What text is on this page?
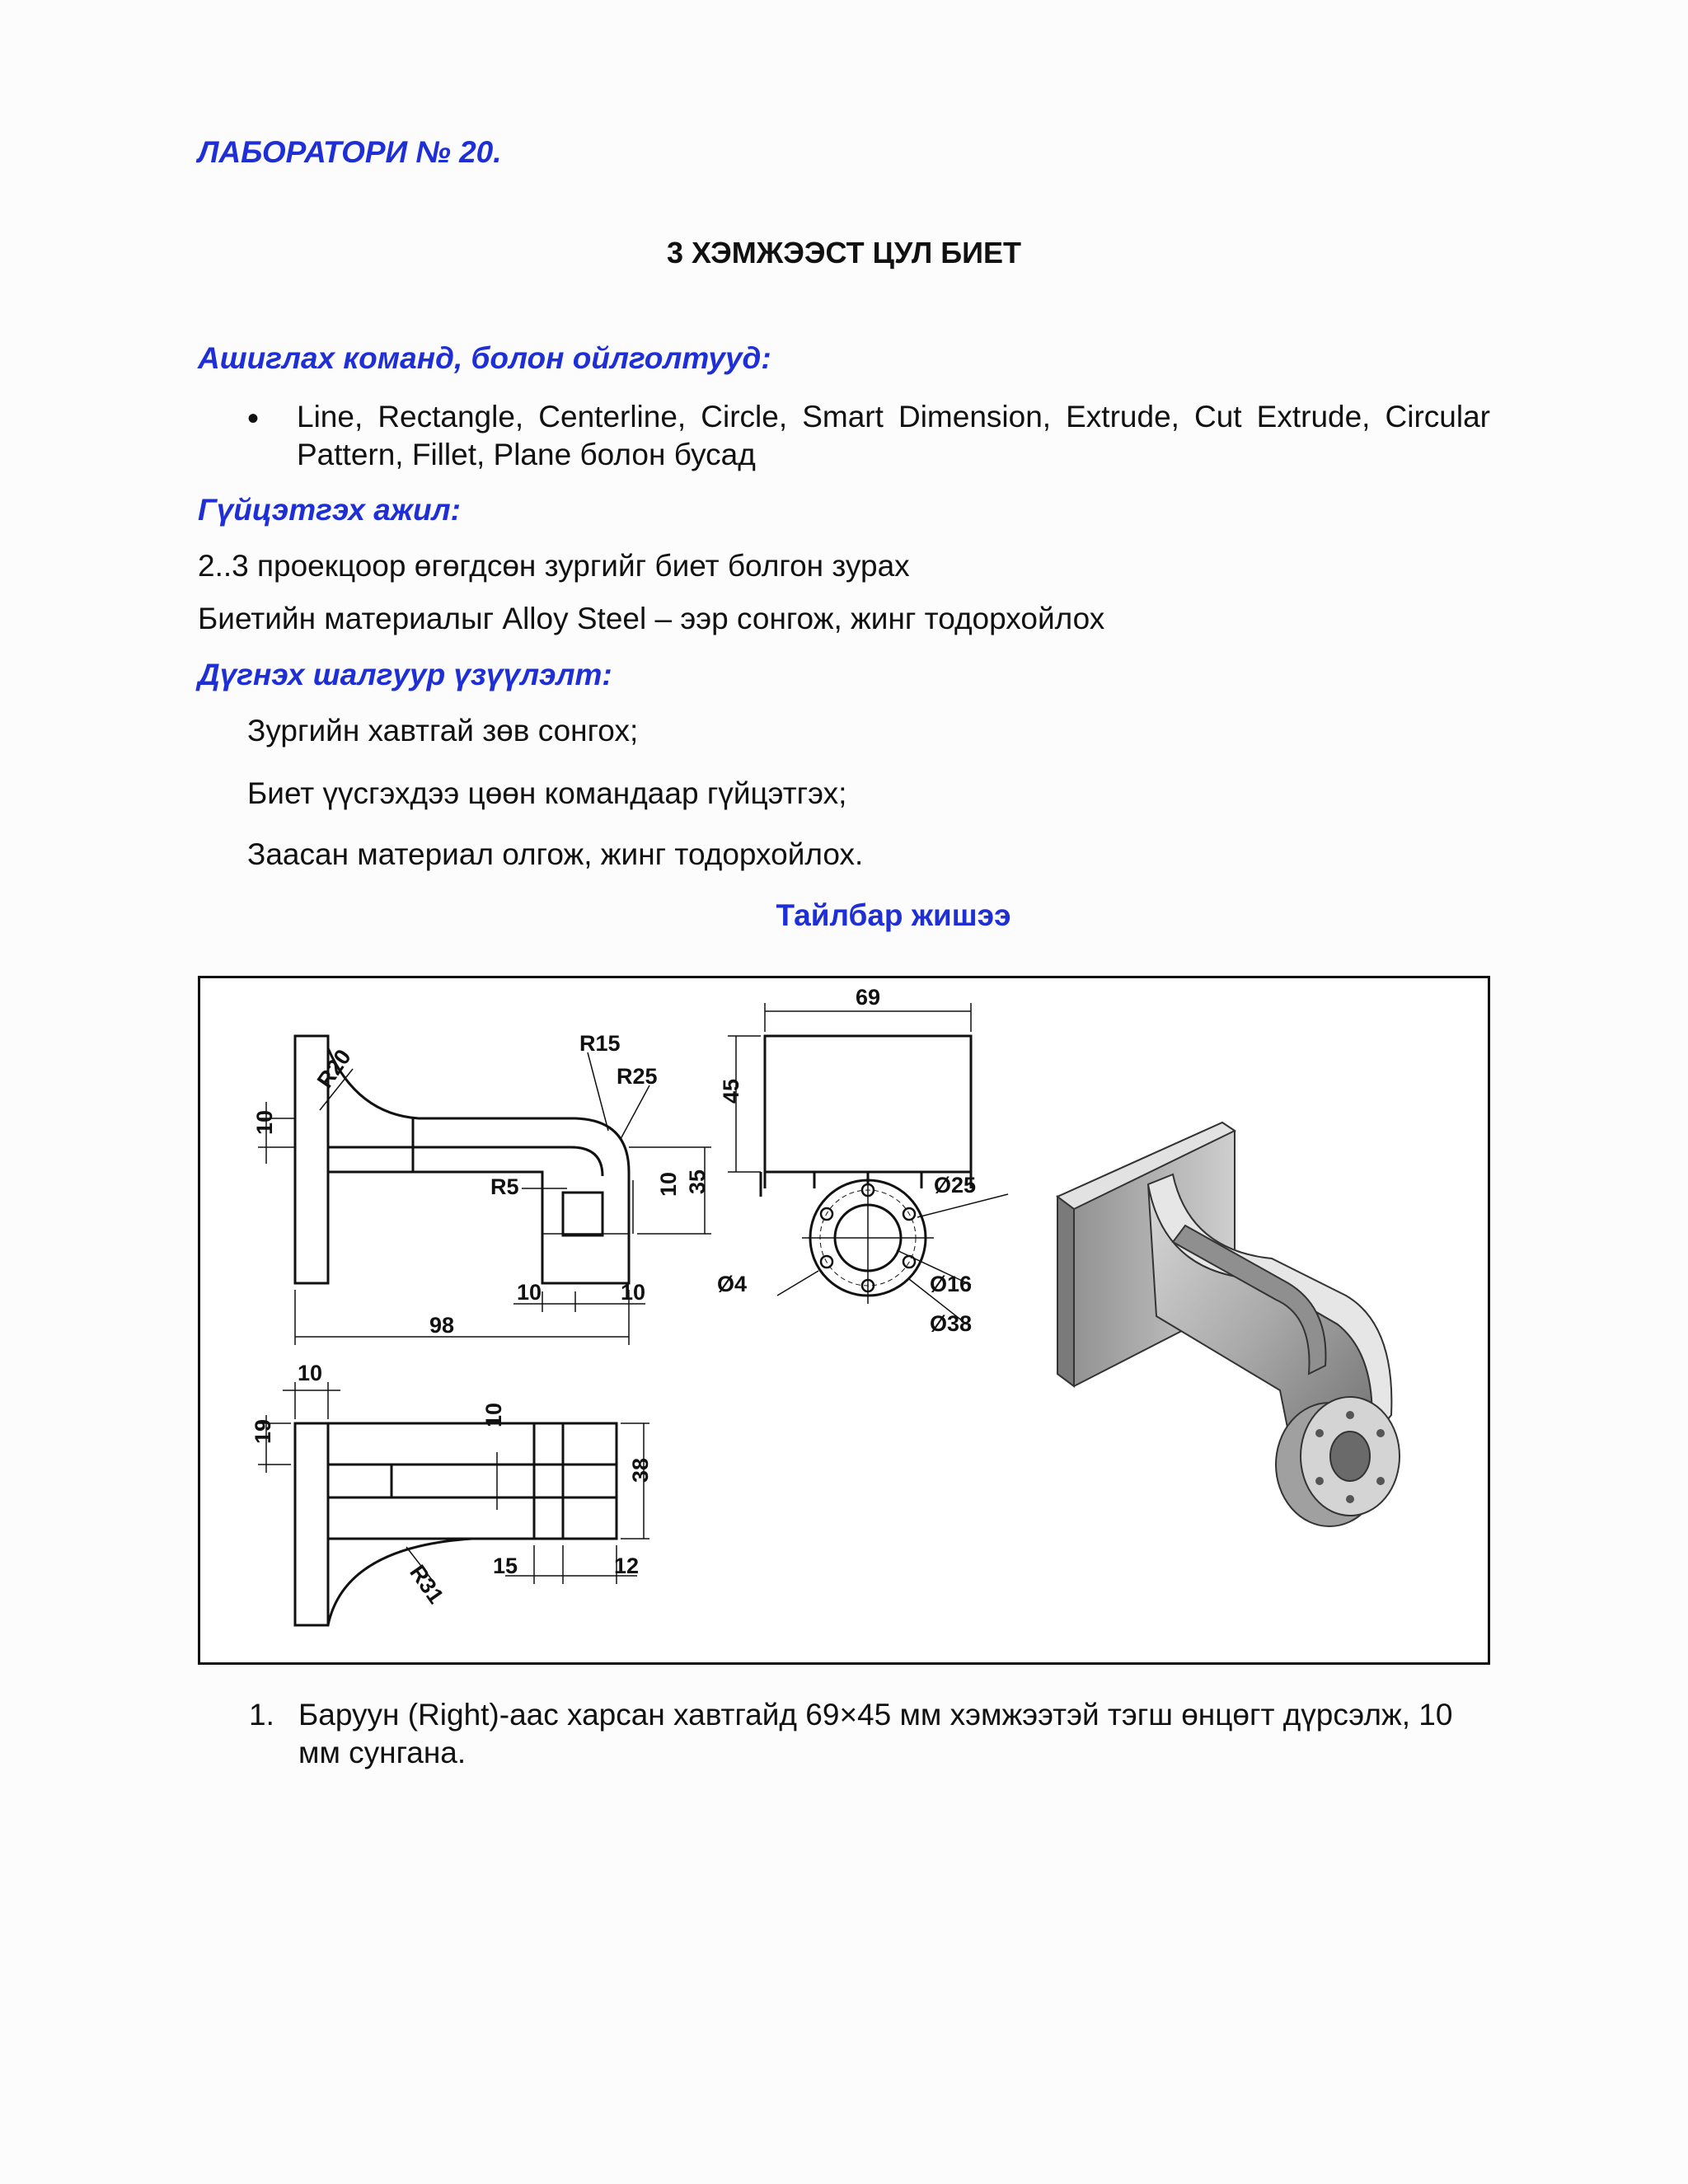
ЛАБОРАТОРИ № 20.
3 ХЭМЖЭЭСТ ЦУЛ БИЕТ
Ашиглах команд, болон ойлголтууд:
• Line, Rectangle, Centerline, Circle, Smart Dimension, Extrude, Cut Extrude, Circular Pattern, Fillet, Plane болон бусад
Гүйцэтгэх ажил:
2..3 проекцоор өгөгдсөн зургийг биет болгон зурах
Биетийн материалыг Alloy Steel – ээр сонгож, жинг тодорхойлох
Дүгнэх шалгуур үзүүлэлт:
Зургийн хавтгай зөв сонгох;
Биет үүсгэхдээ цөөн командаар гүйцэтгэх;
Заасан материал олгож, жинг тодорхойлох.
Тайлбар жишээ
R20
R15
R25
R5
10
10 35
10	10
98
69
45
Ø25
Ø4	Ø16
Ø38
10
10
19
38
15	12
R31
1. Баруун (Right)-аас харсан хавтгайд 69×45 мм хэмжээтэй тэгш өнцөгт дүрсэлж, 10 мм сунгана.
